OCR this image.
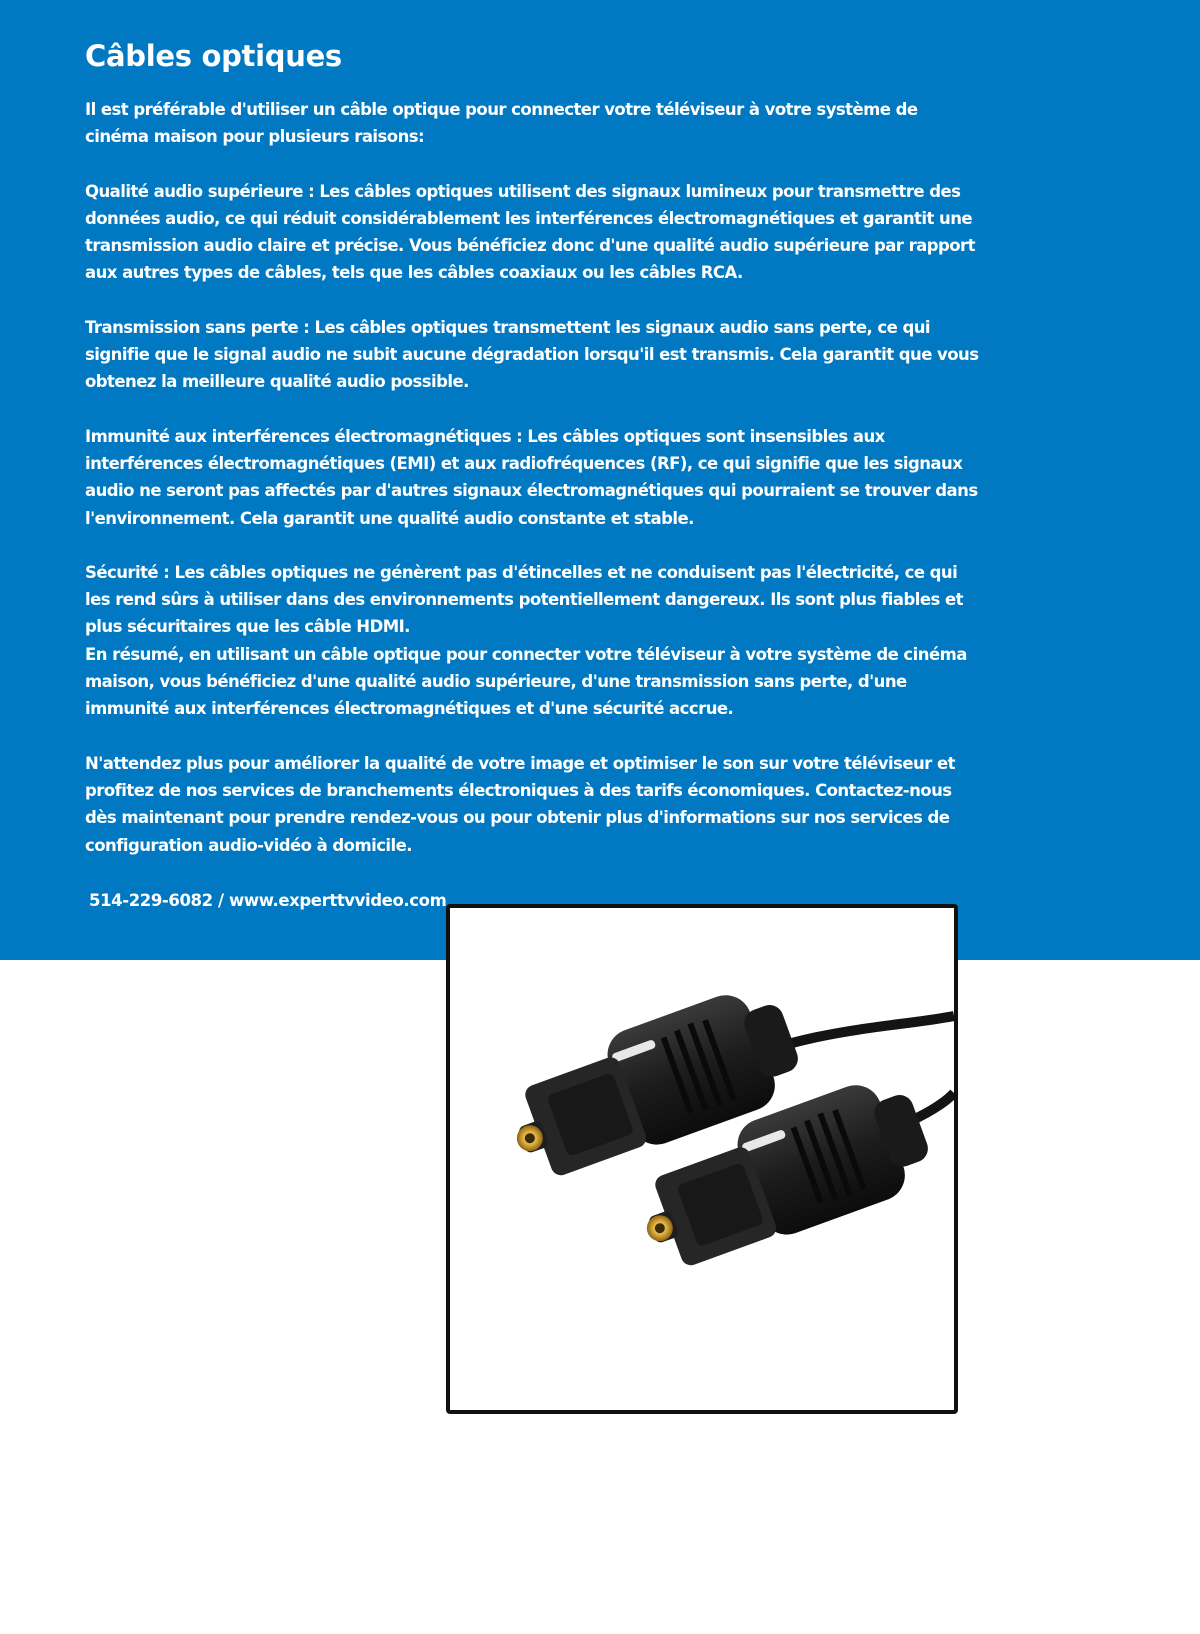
Câbles optiques

Il est préférable d'utiliser un câble optique pour connecter votre téléviseur à votre système de cinéma maison pour plusieurs raisons:

Qualité audio supérieure : Les câbles optiques utilisent des signaux lumineux pour transmettre des données audio, ce qui réduit considérablement les interférences électromagnétiques et garantit une transmission audio claire et précise. Vous bénéficiez donc d'une qualité audio supérieure par rapport aux autres types de câbles, tels que les câbles coaxiaux ou les câbles RCA.

Transmission sans perte : Les câbles optiques transmettent les signaux audio sans perte, ce qui signifie que le signal audio ne subit aucune dégradation lorsqu'il est transmis. Cela garantit que vous obtenez la meilleure qualité audio possible.

Immunité aux interférences électromagnétiques : Les câbles optiques sont insensibles aux interférences électromagnétiques (EMI) et aux radiofréquences (RF), ce qui signifie que les signaux audio ne seront pas affectés par d'autres signaux électromagnétiques qui pourraient se trouver dans l'environnement. Cela garantit une qualité audio constante et stable.

Sécurité : Les câbles optiques ne génèrent pas d'étincelles et ne conduisent pas l'électricité, ce qui les rend sûrs à utiliser dans des environnements potentiellement dangereux. Ils sont plus fiables et plus sécuritaires que les câble HDMI.

En résumé, en utilisant un câble optique pour connecter votre téléviseur à votre système de cinéma maison, vous bénéficiez d'une qualité audio supérieure, d'une transmission sans perte, d'une immunité aux interférences électromagnétiques et d'une sécurité accrue.

N'attendez plus pour améliorer la qualité de votre image et optimiser le son sur votre téléviseur et profitez de nos services de branchements électroniques à des tarifs économiques. Contactez-nous dès maintenant pour prendre rendez-vous ou pour obtenir plus d'informations sur nos services de configuration audio-vidéo à domicile.

514-229-6082 / www.experttvvideo.com
